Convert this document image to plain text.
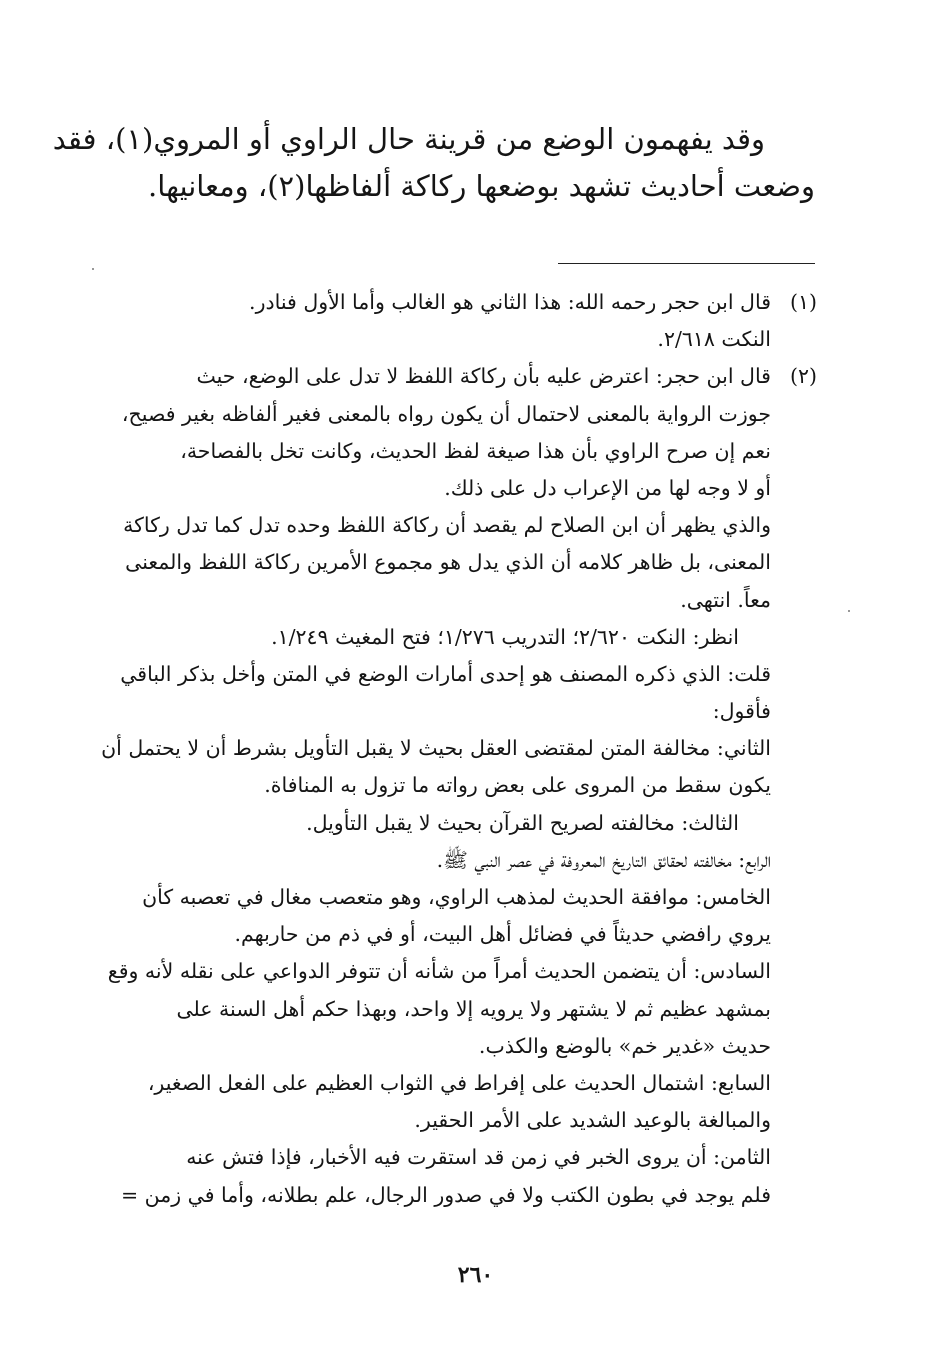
وقد يفهمون الوضع من قرينة حال الراوي أو المروي(١)، فقد
وضعت أحاديث تشهد بوضعها ركاكة ألفاظها(٢)، ومعانيها.
(١)قال ابن حجر رحمه الله: هذا الثاني هو الغالب وأما الأول فنادر.
النكت ٢/٦١٨.
(٢)قال ابن حجر: اعترض عليه بأن ركاكة اللفظ لا تدل على الوضع، حيث
جوزت الرواية بالمعنى لاحتمال أن يكون رواه بالمعنى فغير ألفاظه بغير فصيح،
نعم إن صرح الراوي بأن هذا صيغة لفظ الحديث، وكانت تخل بالفصاحة،
أو لا وجه لها من الإعراب دل على ذلك.
والذي يظهر أن ابن الصلاح لم يقصد أن ركاكة اللفظ وحده تدل كما تدل ركاكة
المعنى، بل ظاهر كلامه أن الذي يدل هو مجموع الأمرين ركاكة اللفظ والمعنى
معاً. انتهى.
انظر: النكت ٢/٦٢٠؛ التدريب ١/٢٧٦؛ فتح المغيث ١/٢٤٩.
قلت: الذي ذكره المصنف هو إحدى أمارات الوضع في المتن وأخل بذكر الباقي
فأقول:
الثاني: مخالفة المتن لمقتضى العقل بحيث لا يقبل التأويل بشرط أن لا يحتمل أن
يكون سقط من المروى على بعض رواته ما تزول به المنافاة.
الثالث: مخالفته لصريح القرآن بحيث لا يقبل التأويل.
الرابع: مخالفته لحقائق التاريخ المعروفة في عصر النبي ﷺ.
الخامس: موافقة الحديث لمذهب الراوي، وهو متعصب مغال في تعصبه كأن
يروي رافضي حديثاً في فضائل أهل البيت، أو في ذم من حاربهم.
السادس: أن يتضمن الحديث أمراً من شأنه أن تتوفر الدواعي على نقله لأنه وقع
بمشهد عظيم ثم لا يشتهر ولا يرويه إلا واحد، وبهذا حكم أهل السنة على
حديث «غدير خم» بالوضع والكذب.
السابع: اشتمال الحديث على إفراط في الثواب العظيم على الفعل الصغير،
والمبالغة بالوعيد الشديد على الأمر الحقير.
الثامن: أن يروى الخبر في زمن قد استقرت فيه الأخبار، فإذا فتش عنه
فلم يوجد في بطون الكتب ولا في صدور الرجال، علم بطلانه، وأما في زمن =
٢٦٠
